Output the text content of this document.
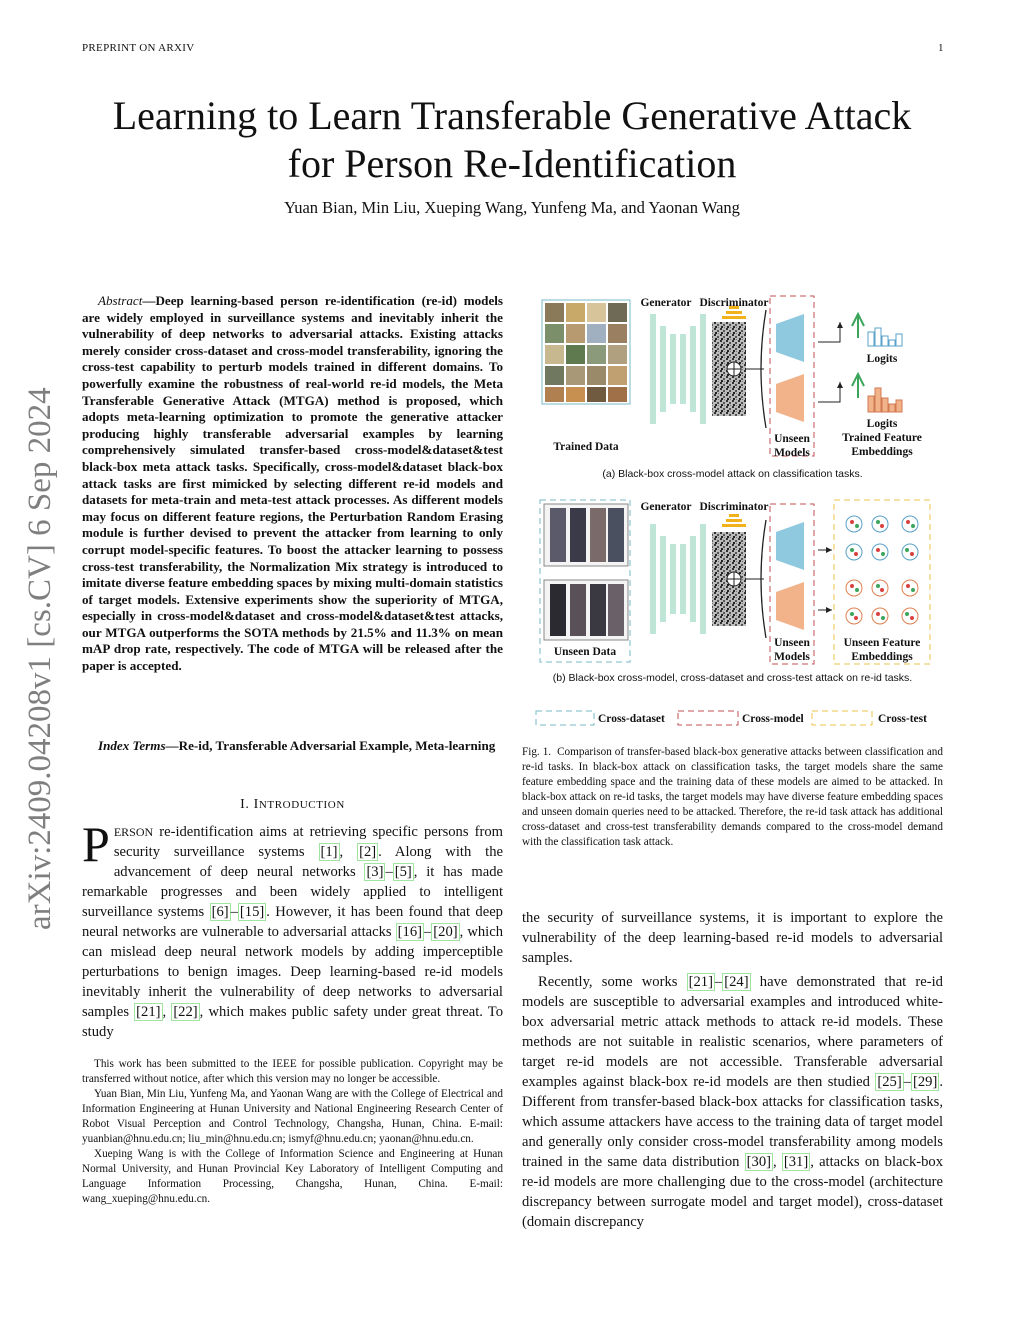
PREPRINT ON ARXIV	1
Learning to Learn Transferable Generative Attack
for Person Re-Identification
Yuan Bian, Min Liu, Xueping Wang, Yunfeng Ma, and Yaonan Wang
arXiv:2409.04208v1 [cs.CV] 6 Sep 2024
Abstract—Deep learning-based person re-identification (re-id) models are widely employed in surveillance systems and inevitably inherit the vulnerability of deep networks to adversarial attacks. Existing attacks merely consider cross-dataset and cross-model transferability, ignoring the cross-test capability to perturb models trained in different domains. To powerfully examine the robustness of real-world re-id models, the Meta Transferable Generative Attack (MTGA) method is proposed, which adopts meta-learning optimization to promote the generative attacker producing highly transferable adversarial examples by learning comprehensively simulated transfer-based cross-model&dataset&test black-box meta attack tasks. Specifically, cross-model&dataset black-box attack tasks are first mimicked by selecting different re-id models and datasets for meta-train and meta-test attack processes. As different models may focus on different feature regions, the Perturbation Random Erasing module is further devised to prevent the attacker from learning to only corrupt model-specific features. To boost the attacker learning to possess cross-test transferability, the Normalization Mix strategy is introduced to imitate diverse feature embedding spaces by mixing multi-domain statistics of target models. Extensive experiments show the superiority of MTGA, especially in cross-model&dataset and cross-model&dataset&test attacks, our MTGA outperforms the SOTA methods by 21.5% and 11.3% on mean mAP drop rate, respectively. The code of MTGA will be released after the paper is accepted.
Index Terms—Re-id, Transferable Adversarial Example, Meta-learning
I. INTRODUCTION
PERSON re-identification aims at retrieving specific persons from security surveillance systems [1] , [2] . Along with the advancement of deep neural networks [3] – [5] , it has made remarkable progresses and been widely applied to intelligent surveillance systems [6] – [15] . However, it has been found that deep neural networks are vulnerable to adversarial attacks [16] – [20] , which can mislead deep neural network models by adding imperceptible perturbations to benign images. Deep learning-based re-id models inevitably inherit the vulnerability of deep networks to adversarial samples [21] , [22] , which makes public safety under great threat. To study

This work has been submitted to the IEEE for possible publication. Copyright may be transferred without notice, after which this version may no longer be accessible.

Yuan Bian, Min Liu, Yunfeng Ma, and Yaonan Wang are with the College of Electrical and Information Engineering at Hunan University and National Engineering Research Center of Robot Visual Perception and Control Technology, Changsha, Hunan, China. E-mail: yuanbian@hnu.edu.cn; liu_min@hnu.edu.cn; ismyf@hnu.edu.cn; yaonan@hnu.edu.cn.

Xueping Wang is with the College of Information Science and Engineering at Hunan Normal University, and Hunan Provincial Key Laboratory of Intelligent Computing and Language Information Processing, Changsha, Hunan, China. E-mail: wang_xueping@hnu.edu.cn.

Generator Discriminator
Trained Data
Unseen
Models
Logits
Logits
Trained Feature
Embeddings
(a) Black-box cross-model attack on classification tasks.
Generator Discriminator
Unseen Data
Unseen
Models
Unseen Feature
Embeddings
(b) Black-box cross-model, cross-dataset and cross-test attack on re-id tasks.
Cross-dataset	Cross-model	Cross-test
Fig. 1. Comparison of transfer-based black-box generative attacks between classification and re-id tasks. In black-box attack on classification tasks, the target models share the same feature embedding space and the training data of these models are aimed to be attacked. In black-box attack on re-id tasks, the target models may have diverse feature embedding spaces and unseen domain queries need to be attacked. Therefore, the re-id task attack has additional cross-dataset and cross-test transferability demands compared to the cross-model demand with the classification task attack.

the security of surveillance systems, it is important to explore the vulnerability of the deep learning-based re-id models to adversarial samples.

Recently, some works [21] – [24] have demonstrated that re-id models are susceptible to adversarial examples and introduced white-box adversarial metric attack methods to attack re-id models. These methods are not suitable in realistic scenarios, where parameters of target re-id models are not accessible. Transferable adversarial examples against black-box re-id models are then studied [25] – [29] . Different from transfer-based black-box attacks for classification tasks, which assume attackers have access to the training data of target model and generally only consider cross-model transferability among models trained in the same data distribution [30] , [31] , attacks on black-box re-id models are more challenging due to the cross-model (architecture discrepancy between surrogate model and target model), cross-dataset (domain discrepancy
